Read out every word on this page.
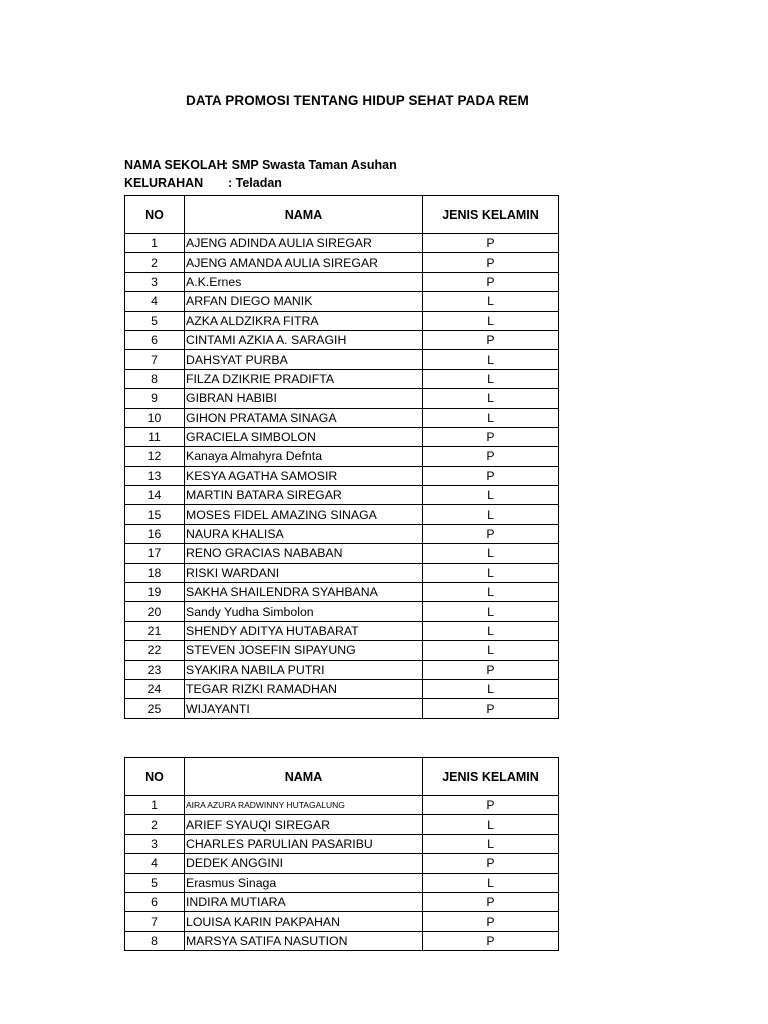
DATA PROMOSI TENTANG HIDUP SEHAT PADA REM
NAMA SEKOLAH: SMP Swasta Taman Asuhan
KELURAHAN : Teladan
NO	NAMA	JENIS KELAMIN
1	AJENG ADINDA AULIA SIREGAR	P
2	AJENG AMANDA AULIA SIREGAR	P
3	A.K.Ernes	P
4	ARFAN DIEGO MANIK	L
5	AZKA ALDZIKRA FITRA	L
6	CINTAMI AZKIA A. SARAGIH	P
7	DAHSYAT PURBA	L
8	FILZA DZIKRIE PRADIFTA	L
9	GIBRAN HABIBI	L
10	GIHON PRATAMA SINAGA	L
11	GRACIELA SIMBOLON	P
12	Kanaya Almahyra Defnta	P
13	KESYA AGATHA SAMOSIR	P
14	MARTIN BATARA SIREGAR	L
15	MOSES FIDEL AMAZING SINAGA	L
16	NAURA KHALISA	P
17	RENO GRACIAS NABABAN	L
18	RISKI WARDANI	L
19	SAKHA SHAILENDRA SYAHBANA	L
20	Sandy Yudha Simbolon	L
21	SHENDY ADITYA HUTABARAT	L
22	STEVEN JOSEFIN SIPAYUNG	L
23	SYAKIRA NABILA PUTRI	P
24	TEGAR RIZKI RAMADHAN	L
25	WIJAYANTI	P
NO	NAMA	JENIS KELAMIN
1	AIRA AZURA RADWINNY HUTAGALUNG	P
2	ARIEF SYAUQI SIREGAR	L
3	CHARLES PARULIAN PASARIBU	L
4	DEDEK ANGGINI	P
5	Erasmus Sinaga	L
6	INDIRA MUTIARA	P
7	LOUISA KARIN PAKPAHAN	P
8	MARSYA SATIFA NASUTION	P
